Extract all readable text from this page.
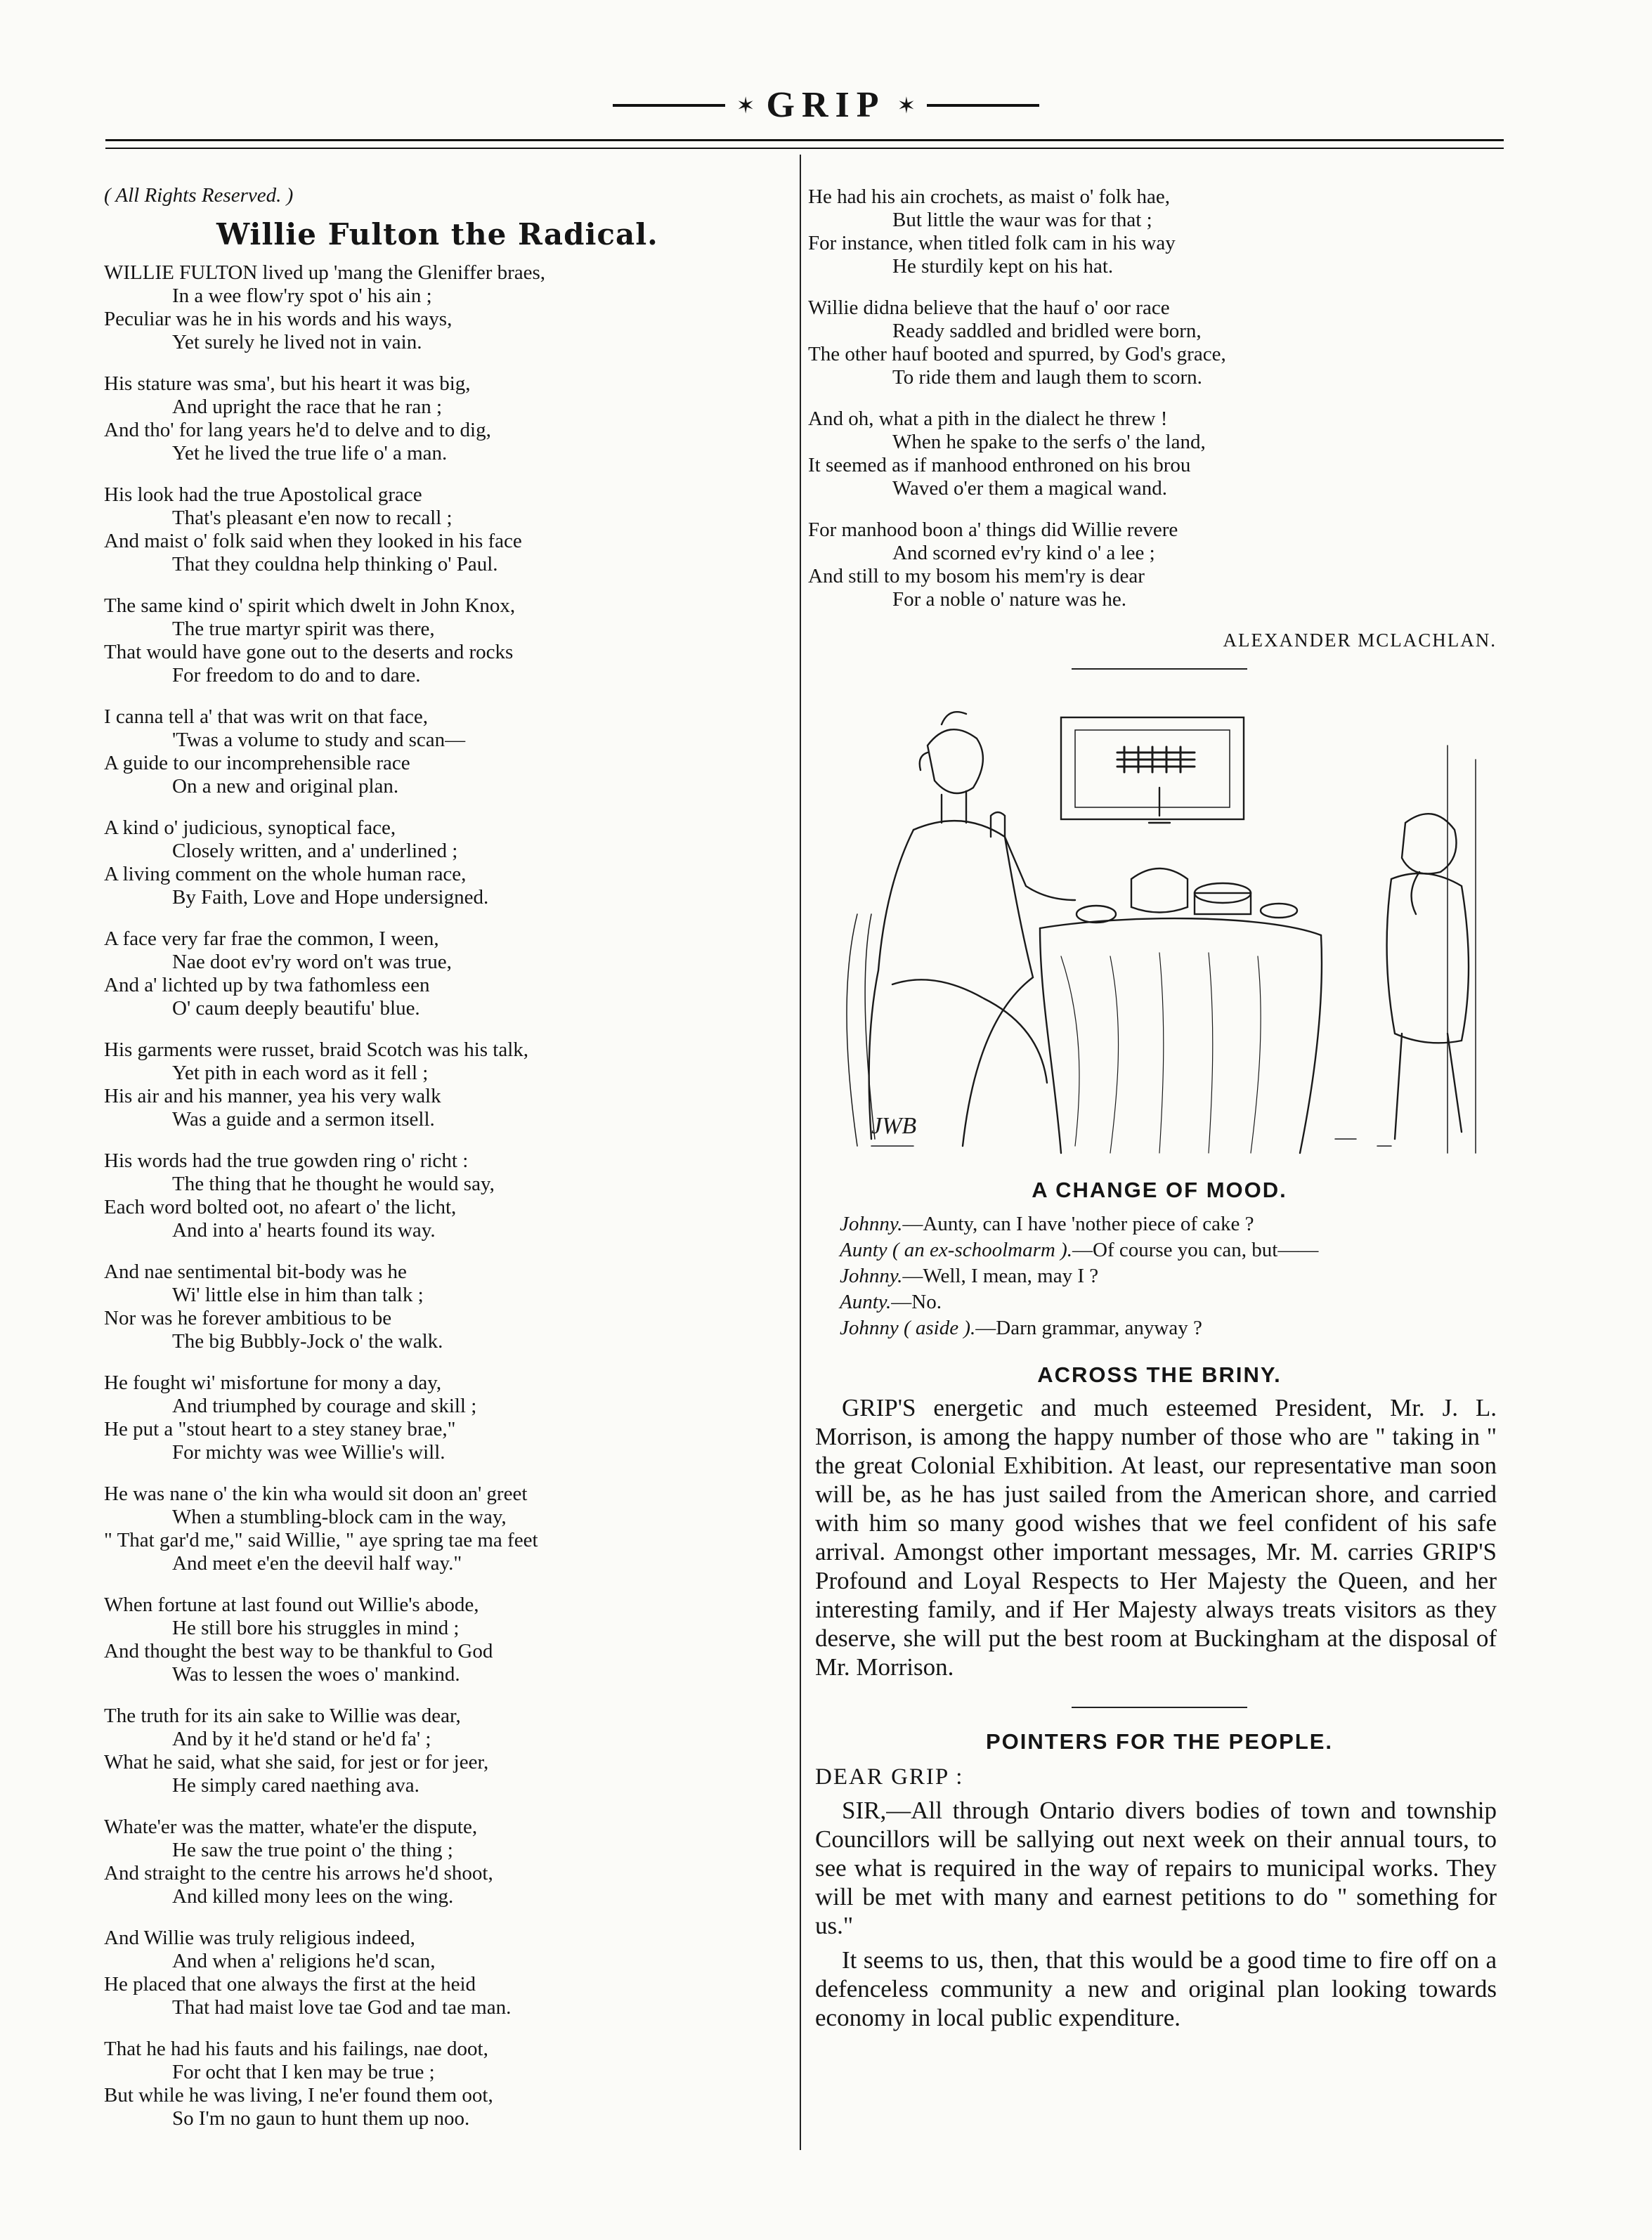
✶ GRIP ✶
( All Rights Reserved. )
Willie Fulton the Radical.
WILLIE FULTON lived up 'mang the Gleniffer braes,
In a wee flow'ry spot o' his ain ;
Peculiar was he in his words and his ways,
Yet surely he lived not in vain.
His stature was sma', but his heart it was big,
And upright the race that he ran ;
And tho' for lang years he'd to delve and to dig,
Yet he lived the true life o' a man.
His look had the true Apostolical grace
That's pleasant e'en now to recall ;
And maist o' folk said when they looked in his face
That they couldna help thinking o' Paul.
The same kind o' spirit which dwelt in John Knox,
The true martyr spirit was there,
That would have gone out to the deserts and rocks
For freedom to do and to dare.
I canna tell a' that was writ on that face,
'Twas a volume to study and scan—
A guide to our incomprehensible race
On a new and original plan.
A kind o' judicious, synoptical face,
Closely written, and a' underlined ;
A living comment on the whole human race,
By Faith, Love and Hope undersigned.
A face very far frae the common, I ween,
Nae doot ev'ry word on't was true,
And a' lichted up by twa fathomless een
O' caum deeply beautifu' blue.
His garments were russet, braid Scotch was his talk,
Yet pith in each word as it fell ;
His air and his manner, yea his very walk
Was a guide and a sermon itsell.
His words had the true gowden ring o' richt :
The thing that he thought he would say,
Each word bolted oot, no afeart o' the licht,
And into a' hearts found its way.
And nae sentimental bit-body was he
Wi' little else in him than talk ;
Nor was he forever ambitious to be
The big Bubbly-Jock o' the walk.
He fought wi' misfortune for mony a day,
And triumphed by courage and skill ;
He put a "stout heart to a stey staney brae,"
For michty was wee Willie's will.
He was nane o' the kin wha would sit doon an' greet
When a stumbling-block cam in the way,
" That gar'd me," said Willie, " aye spring tae ma feet
And meet e'en the deevil half way."
When fortune at last found out Willie's abode,
He still bore his struggles in mind ;
And thought the best way to be thankful to God
Was to lessen the woes o' mankind.
The truth for its ain sake to Willie was dear,
And by it he'd stand or he'd fa' ;
What he said, what she said, for jest or for jeer,
He simply cared naething ava.
Whate'er was the matter, whate'er the dispute,
He saw the true point o' the thing ;
And straight to the centre his arrows he'd shoot,
And killed mony lees on the wing.
And Willie was truly religious indeed,
And when a' religions he'd scan,
He placed that one always the first at the heid
That had maist love tae God and tae man.
That he had his fauts and his failings, nae doot,
For ocht that I ken may be true ;
But while he was living, I ne'er found them oot,
So I'm no gaun to hunt them up noo.
He had his ain crochets, as maist o' folk hae,
But little the waur was for that ;
For instance, when titled folk cam in his way
He sturdily kept on his hat.
Willie didna believe that the hauf o' oor race
Ready saddled and bridled were born,
The other hauf booted and spurred, by God's grace,
To ride them and laugh them to scorn.
And oh, what a pith in the dialect he threw !
When he spake to the serfs o' the land,
It seemed as if manhood enthroned on his brou
Waved o'er them a magical wand.
For manhood boon a' things did Willie revere
And scorned ev'ry kind o' a lee ;
And still to my bosom his mem'ry is dear
For a noble o' nature was he.
ALEXANDER MCLACHLAN.
JWB
A CHANGE OF MOOD.
Johnny.—Aunty, can I have 'nother piece of cake ?
Aunty ( an ex-schoolmarm ).—Of course you can, but——
Johnny.—Well, I mean, may I ?
Aunty.—No.
Johnny ( aside ).—Darn grammar, anyway ?
ACROSS THE BRINY.

GRIP'S energetic and much esteemed President, Mr. J. L. Morrison, is among the happy number of those who are " taking in " the great Colonial Exhibition. At least, our representative man soon will be, as he has just sailed from the American shore, and carried with him so many good wishes that we feel confident of his safe arrival. Amongst other important messages, Mr. M. carries GRIP'S Profound and Loyal Respects to Her Majesty the Queen, and her interesting family, and if Her Majesty always treats visitors as they deserve, she will put the best room at Buckingham at the disposal of Mr. Morrison.

POINTERS FOR THE PEOPLE.
DEAR GRIP :

SIR,—All through Ontario divers bodies of town and township Councillors will be sallying out next week on their annual tours, to see what is required in the way of repairs to municipal works. They will be met with many and earnest petitions to do " something for us."

It seems to us, then, that this would be a good time to fire off on a defenceless community a new and original plan looking towards economy in local public expenditure.
